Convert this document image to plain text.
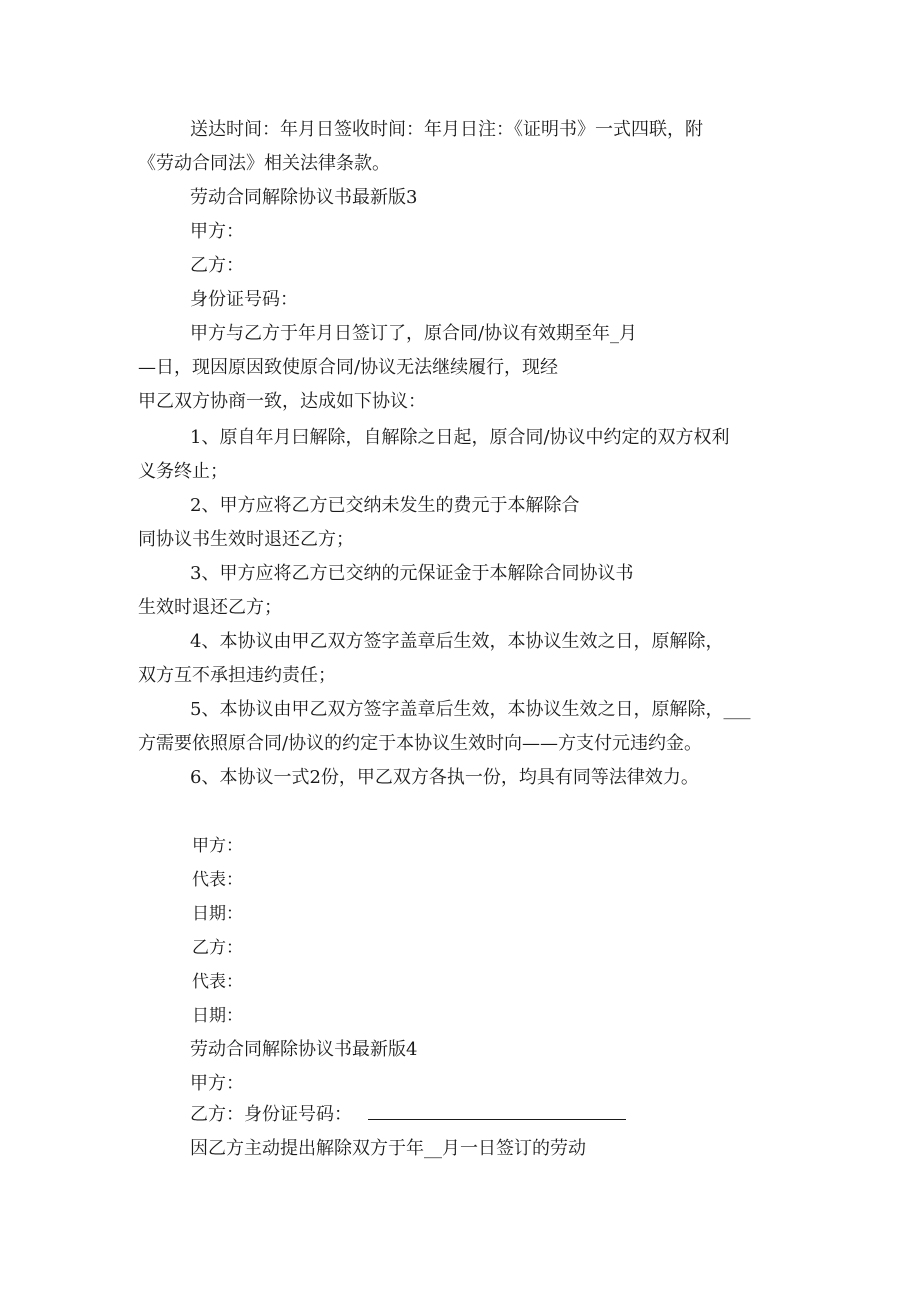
送达时间：年月日签收时间：年月日注：《证明书》一式四联，附
《劳动合同法》相关法律条款。
劳动合同解除协议书最新版3
甲方：
乙方：
身份证号码：
甲方与乙方于年月日签订了，原合同/协议有效期至年_月
—日，现因原因致使原合同/协议无法继续履行，现经
甲乙双方协商一致，达成如下协议：
1、原自年月曰解除，自解除之日起，原合同/协议中约定的双方权利
义务终止；
2、甲方应将乙方已交纳未发生的费元于本解除合
同协议书生效时退还乙方；
3、甲方应将乙方已交纳的元保证金于本解除合同协议书
生效时退还乙方；
4、本协议由甲乙双方签字盖章后生效，本协议生效之日，原解除，
双方互不承担违约责任；
5、本协议由甲乙双方签字盖章后生效，本协议生效之日，原解除，___
方需要依照原合同/协议的约定于本协议生效时向——方支付元违约金。
6、本协议一式2份，甲乙双方各执一份，均具有同等法律效力。
甲方：
代表：
日期：
乙方：
代表：
日期：
劳动合同解除协议书最新版4
甲方：
乙方：身份证号码：
因乙方主动提出解除双方于年__月一日签订的劳动
